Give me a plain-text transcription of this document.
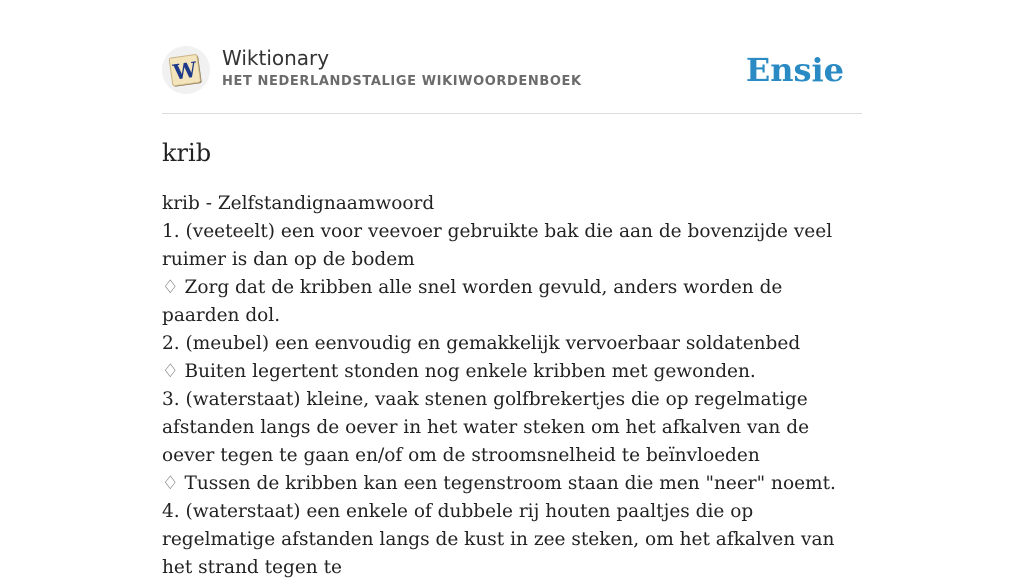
W Wiktionary
HET NEDERLANDSTALIGE WIKIWOORDENBOEK	Ensie
krib

krib - Zelfstandignaamwoord

1. (veeteelt) een voor veevoer gebruikte bak die aan de bovenzijde veel ruimer is dan op de bodem

♢ Zorg dat de kribben alle snel worden gevuld, anders worden de paarden dol.

2. (meubel) een eenvoudig en gemakkelijk vervoerbaar soldatenbed

♢ Buiten legertent stonden nog enkele kribben met gewonden.

3. (waterstaat) kleine, vaak stenen golfbrekertjes die op regelmatige afstanden langs de oever in het water steken om het afkalven van de oever tegen te gaan en/of om de stroomsnelheid te beïnvloeden

♢ Tussen de kribben kan een tegenstroom staan die men "neer" noemt.

4. (waterstaat) een enkele of dubbele rij houten paaltjes die op regelmatige afstanden langs de kust in zee steken, om het afkalven van het strand tegen te
